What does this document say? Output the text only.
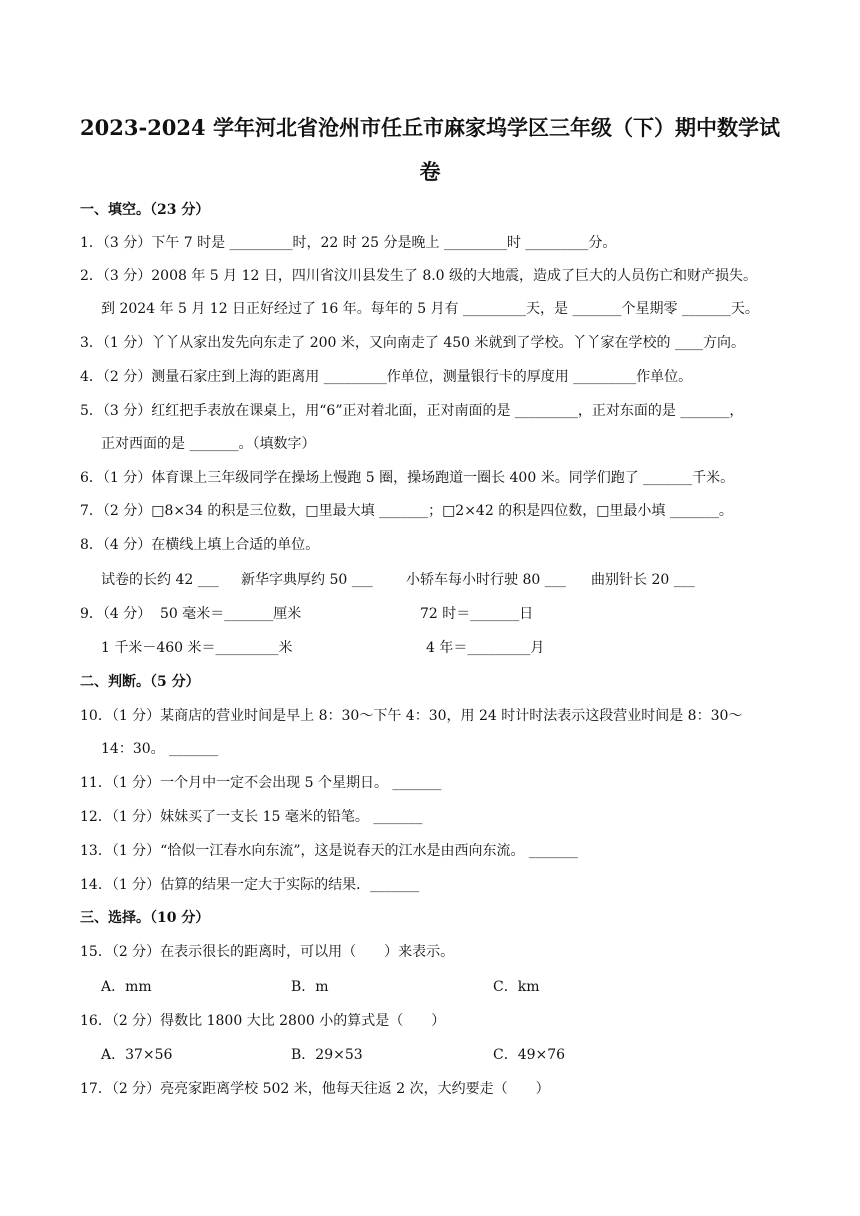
2023-2024 学年河北省沧州市任丘市麻家坞学区三年级（下）期中数学试
卷
一、填空。（23 分）
1．（3 分）下午 7 时是 _________时，22 时 25 分是晚上 _________时 _________分。
2．（3 分）2008 年 5 月 12 日，四川省汶川县发生了 8.0 级的大地震，造成了巨大的人员伤亡和财产损失。
到 2024 年 5 月 12 日正好经过了 16 年。每年的 5 月有 _________天，是 _______个星期零 _______天。
3．（1 分）丫丫从家出发先向东走了 200 米，又向南走了 450 米就到了学校。丫丫家在学校的 ____方向。
4．（2 分）测量石家庄到上海的距离用 _________作单位，测量银行卡的厚度用 _________作单位。
5．（3 分）红红把手表放在课桌上，用“6”正对着北面，正对南面的是 _________，正对东面的是 _______，
正对西面的是 _______。（填数字）
6．（1 分）体育课上三年级同学在操场上慢跑 5 圈，操场跑道一圈长 400 米。同学们跑了 _______千米。
7．（2 分）□8×34 的积是三位数，□里最大填 _______；□2×42 的积是四位数，□里最小填 _______。
8．（4 分）在横线上填上合适的单位。
试卷的长约 42 ___ 新华字典厚约 50 ___ 小轿车每小时行驶 80 ___ 曲别针长 20 ___
9．（4 分） 50 毫米＝_______厘米	72 时＝_______日
1 千米－460 米＝_________米	4 年＝_________月
二、判断。（5 分）
10．（1 分）某商店的营业时间是早上 8：30～下午 4：30，用 24 时计时法表示这段营业时间是 8：30～
14：30。 _______
11．（1 分）一个月中一定不会出现 5 个星期日。 _______
12．（1 分）妹妹买了一支长 15 毫米的铅笔。 _______
13．（1 分）“恰似一江春水向东流”，这是说春天的江水是由西向东流。 _______
14．（1 分）估算的结果一定大于实际的结果．_______
三、选择。（10 分）
15．（2 分）在表示很长的距离时，可以用（　　）来表示。
A．mm	B．m	C．km
16．（2 分）得数比 1800 大比 2800 小的算式是（　　）
A．37×56	B．29×53	C．49×76
17．（2 分）亮亮家距离学校 502 米，他每天往返 2 次，大约要走（　　）
